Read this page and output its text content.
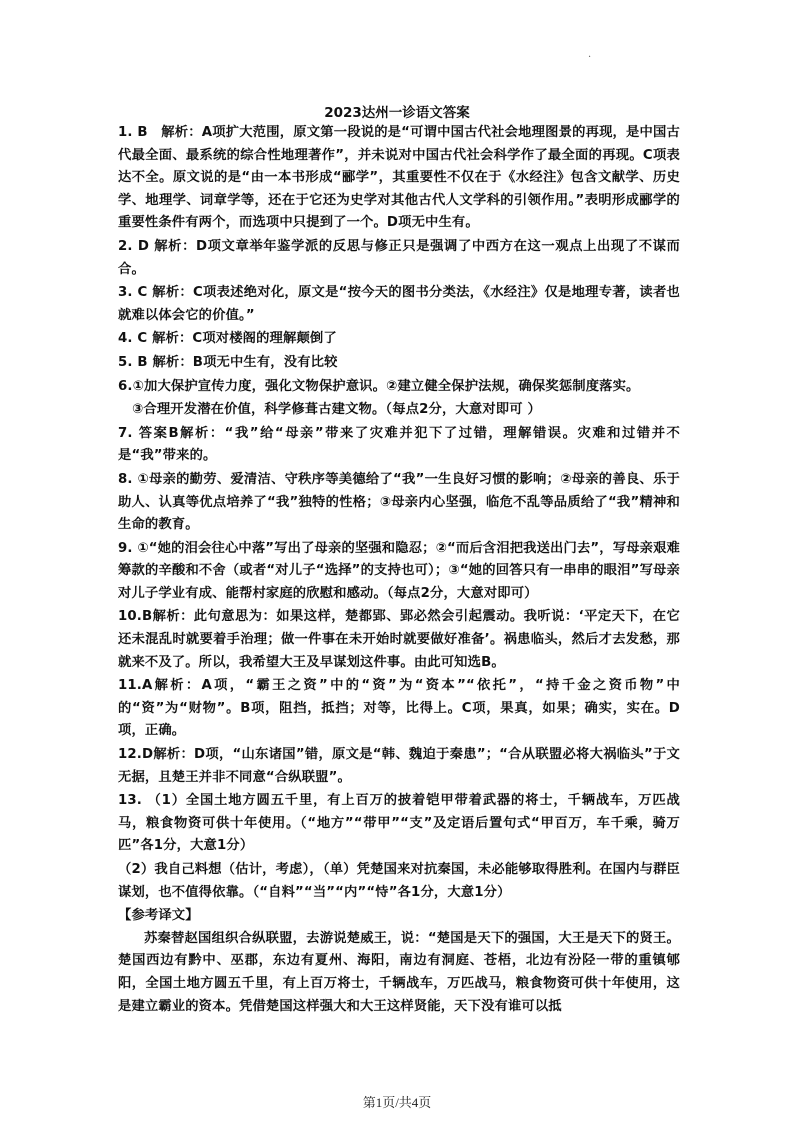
·
2023达州一诊语文答案

1. B　解析：A项扩大范围，原文第一段说的是“可谓中国古代社会地理图景的再现，是中国古代最全面、最系统的综合性地理著作”，并未说对中国古代社会科学作了最全面的再现。C项表达不全。原文说的是“由一本书形成“郦学”，其重要性不仅在于《水经注》包含文献学、历史学、地理学、词章学等，还在于它还为史学对其他古代人文学科的引领作用。”表明形成郦学的重要性条件有两个，而选项中只提到了一个。D项无中生有。

2. D 解析：D项文章举年鉴学派的反思与修正只是强调了中西方在这一观点上出现了不谋而合。

3. C 解析：C项表述绝对化，原文是“按今天的图书分类法，《水经注》仅是地理专著，读者也就难以体会它的价值。”

4. C 解析：C项对楼阁的理解颠倒了

5. B 解析：B项无中生有，没有比较

6.①加大保护宣传力度，强化文物保护意识。②建立健全保护法规，确保奖惩制度落实。

③合理开发潜在价值，科学修葺古建文物。（每点2分，大意对即可 ）

7. 答案B解析：“我”给“母亲”带来了灾难并犯下了过错，理解错误。灾难和过错并不是“我”带来的。

8. ①母亲的勤劳、爱清洁、守秩序等美德给了“我”一生良好习惯的影响；②母亲的善良、乐于助人、认真等优点培养了“我”独特的性格；③母亲内心坚强，临危不乱等品质给了“我”精神和生命的教育。

9. ①“她的泪会往心中落”写出了母亲的坚强和隐忍；②“而后含泪把我送出门去”，写母亲艰难筹款的辛酸和不舍（或者“对儿子“选择”的支持也可）；③“她的回答只有一串串的眼泪”写母亲对儿子学业有成、能帮村家庭的欣慰和感动。（每点2分，大意对即可）

10.B解析：此句意思为：如果这样，楚都郢、郢必然会引起震动。我听说：‘平定天下，在它还未混乱时就要着手治理；做一件事在未开始时就要做好准备’。祸患临头，然后才去发愁，那就来不及了。所以，我希望大王及早谋划这件事。由此可知选B。

11.A解析：A项，“霸王之资”中的“资”为“资本”“依托”，“持千金之资币物”中的“资”为“财物”。B项，阻挡，抵挡；对等，比得上。C项，果真，如果；确实，实在。D项，正确。

12.D解析：D项，“山东诸国”错，原文是“韩、魏迫于秦患”；“合从联盟必将大祸临头”于文无据，且楚王并非不同意“合纵联盟”。

13. （1）全国土地方圆五千里，有上百万的披着铠甲带着武器的将士，千辆战车，万匹战马，粮食物资可供十年使用。（“地方”“带甲”“支”及定语后置句式“甲百万，车千乘，骑万匹”各1分，大意1分）

（2）我自己料想（估计，考虑），（单）凭楚国来对抗秦国，未必能够取得胜利。在国内与群臣谋划，也不值得依靠。（“自料”“当”“内”“恃”各1分，大意1分）

【参考译文】

苏秦替赵国组织合纵联盟，去游说楚威王，说：“楚国是天下的强国，大王是天下的贤王。楚国西边有黔中、巫郡，东边有夏州、海阳，南边有洞庭、苍梧，北边有汾陉一带的重镇郇阳，全国土地方圆五千里，有上百万将士，千辆战车，万匹战马，粮食物资可供十年使用，这是建立霸业的资本。凭借楚国这样强大和大王这样贤能，天下没有谁可以抵

第1页/共4页
